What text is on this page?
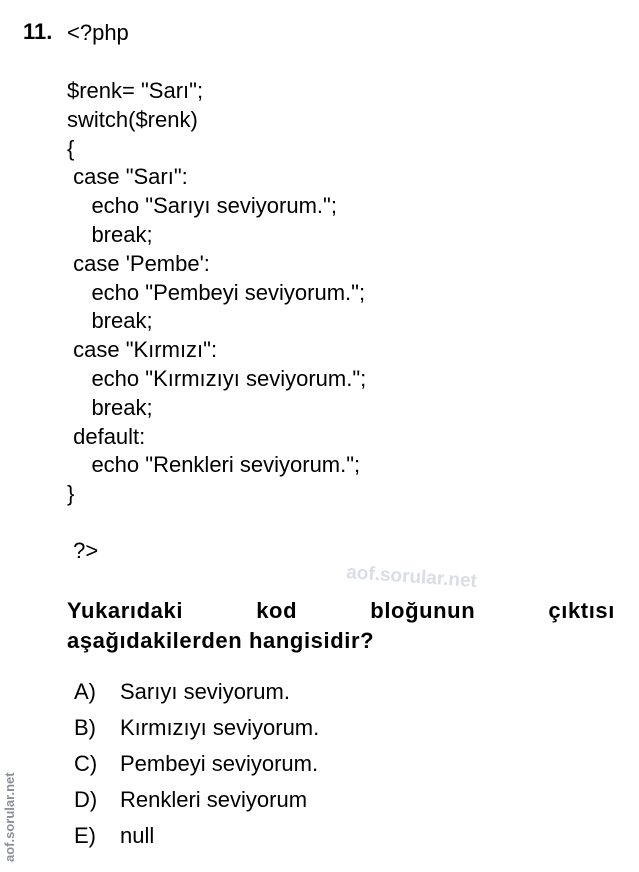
11. <?php
$renk= "Sarı";
switch($renk)
{
case "Sarı":
echo "Sarıyı seviyorum.";
break;
case 'Pembe':
echo "Pembeyi seviyorum.";
break;
case "Kırmızı":
echo "Kırmızıyı seviyorum.";
break;
default:
echo "Renkleri seviyorum.";
}
?>
aof.sorular.net
Yukarıdaki	kod	bloğunun	çıktısı
aşağıdakilerden hangisidir?
A)	Sarıyı seviyorum.
B)	Kırmızıyı seviyorum.
C)	Pembeyi seviyorum.
D)	Renkleri seviyorum
E)	null
aof.sorular.net
